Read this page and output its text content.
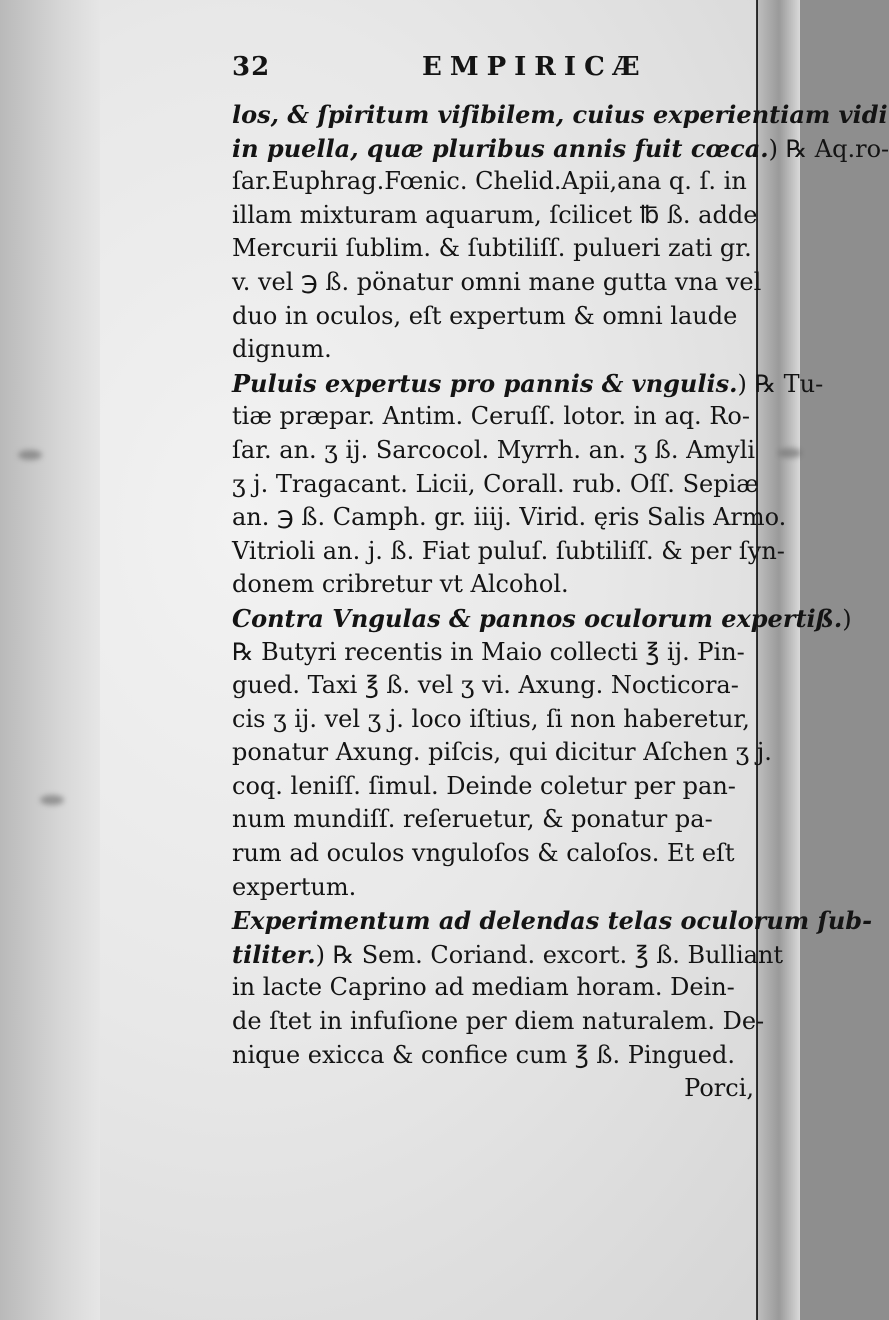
32	EMPIRICÆ
los, & ſpiritum viſibilem, cuius experientiam vidi
in puella, quæ pluribus annis fuit cœca.) ℞ Aq.ro-
ſar.Euphrag.Fœnic. Chelid.Apii,ana q. ſ. in
illam mixturam aquarum, ſcilicet ℔ ß. adde
Mercurii ſublim. & ſubtiliſſ. pulueri zati gr.
v. vel ℈ ß. pönatur omni mane gutta vna vel
duo in oculos, eſt expertum & omni laude
dignum.
Puluis expertus pro pannis & vngulis.) ℞ Tu-
tiæ præpar. Antim. Ceruſſ. lotor. in aq. Ro-
ſar. an. ʒ ij. Sarcocol. Myrrh. an. ʒ ß. Amyli
ʒ j. Tragacant. Licii, Corall. rub. Oſſ. Sepiæ
an. ℈ ß. Camph. gr. iiij. Virid. ęris Salis Armo.
Vitrioli an. j. ß. Fiat puluſ. ſubtiliſſ. & per ſyn-
donem cribretur vt Alcohol.
Contra Vngulas & pannos oculorum expertiß.)
℞ Butyri recentis in Maio collecti ℥ ij. Pin-
gued. Taxi ℥ ß. vel ʒ vi. Axung. Nocticora-
cis ʒ ij. vel ʒ j. loco iſtius, ſi non haberetur,
ponatur Axung. piſcis, qui dicitur Aſchen ʒ j.
coq. leniſſ. ſimul. Deinde coletur per pan-
num mundiſſ. reſeruetur, & ponatur pa-
rum ad oculos vnguloſos & caloſos. Et eſt
expertum.
Experimentum ad delendas telas oculorum ſub-
tiliter.) ℞ Sem. Coriand. excort. ℥ ß. Bulliant
in lacte Caprino ad mediam horam. Dein-
de ſtet in infuſione per diem naturalem. De-
nique exicca & confice cum ℥ ß. Pingued.
Porci,
